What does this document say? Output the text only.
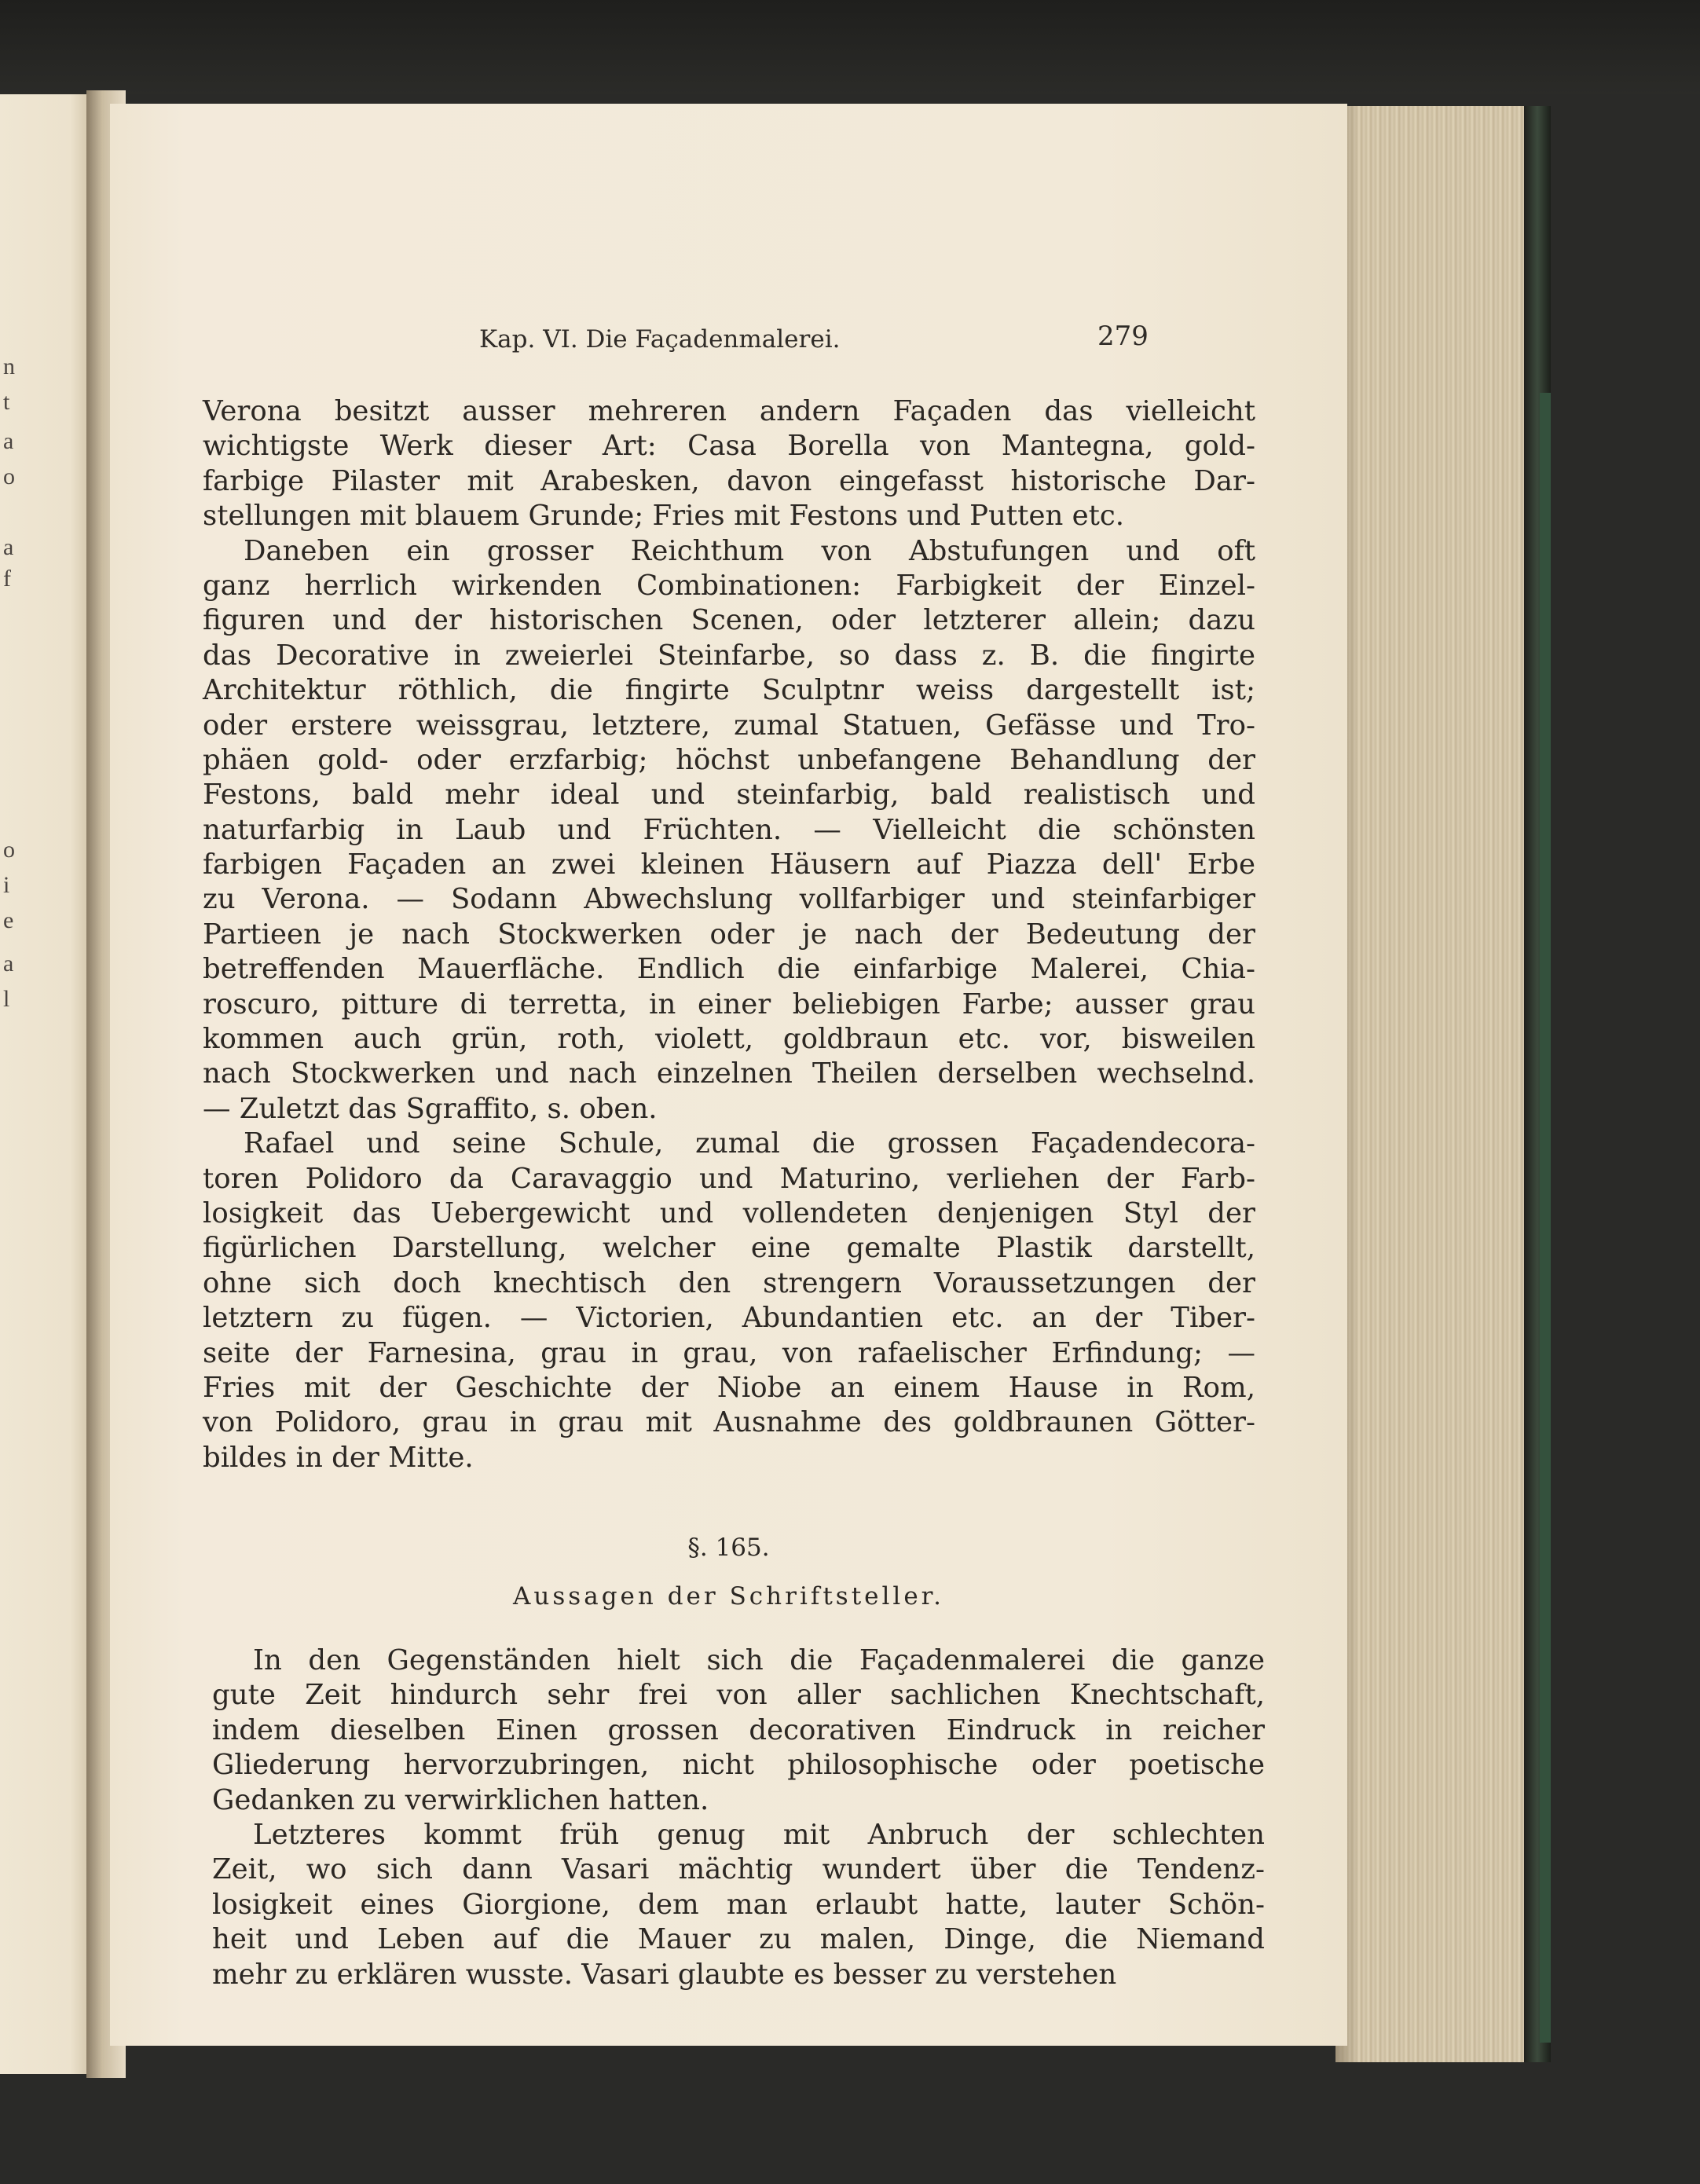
n
t
a
o
a
f
o
i
e
a
l
Kap. VI. Die Façadenmalerei.	279
Verona besitzt ausser mehreren andern Façaden das vielleicht
wichtigste Werk dieser Art: Casa Borella von Mantegna, gold-
farbige Pilaster mit Arabesken, davon eingefasst historische Dar-
stellungen mit blauem Grunde; Fries mit Festons und Putten etc.
Daneben ein grosser Reichthum von Abstufungen und oft
ganz herrlich wirkenden Combinationen: Farbigkeit der Einzel-
figuren und der historischen Scenen, oder letzterer allein; dazu
das Decorative in zweierlei Steinfarbe, so dass z. B. die fingirte
Architektur röthlich, die fingirte Sculptnr weiss dargestellt ist;
oder erstere weissgrau, letztere, zumal Statuen, Gefässe und Tro-
phäen gold- oder erzfarbig; höchst unbefangene Behandlung der
Festons, bald mehr ideal und steinfarbig, bald realistisch und
naturfarbig in Laub und Früchten. — Vielleicht die schönsten
farbigen Façaden an zwei kleinen Häusern auf Piazza dell' Erbe
zu Verona. — Sodann Abwechslung vollfarbiger und steinfarbiger
Partieen je nach Stockwerken oder je nach der Bedeutung der
betreffenden Mauerfläche. Endlich die einfarbige Malerei, Chia-
roscuro, pitture di terretta, in einer beliebigen Farbe; ausser grau
kommen auch grün, roth, violett, goldbraun etc. vor, bisweilen
nach Stockwerken und nach einzelnen Theilen derselben wechselnd.
— Zuletzt das Sgraffito, s. oben.
Rafael und seine Schule, zumal die grossen Façadendecora-
toren Polidoro da Caravaggio und Maturino, verliehen der Farb-
losigkeit das Uebergewicht und vollendeten denjenigen Styl der
figürlichen Darstellung, welcher eine gemalte Plastik darstellt,
ohne sich doch knechtisch den strengern Voraussetzungen der
letztern zu fügen. — Victorien, Abundantien etc. an der Tiber-
seite der Farnesina, grau in grau, von rafaelischer Erfindung; —
Fries mit der Geschichte der Niobe an einem Hause in Rom,
von Polidoro, grau in grau mit Ausnahme des goldbraunen Götter-
bildes in der Mitte.
§. 165.
Aussagen der Schriftsteller.
In den Gegenständen hielt sich die Façadenmalerei die ganze
gute Zeit hindurch sehr frei von aller sachlichen Knechtschaft,
indem dieselben Einen grossen decorativen Eindruck in reicher
Gliederung hervorzubringen, nicht philosophische oder poetische
Gedanken zu verwirklichen hatten.
Letzteres kommt früh genug mit Anbruch der schlechten
Zeit, wo sich dann Vasari mächtig wundert über die Tendenz-
losigkeit eines Giorgione, dem man erlaubt hatte, lauter Schön-
heit und Leben auf die Mauer zu malen, Dinge, die Niemand
mehr zu erklären wusste. Vasari glaubte es besser zu verstehen
